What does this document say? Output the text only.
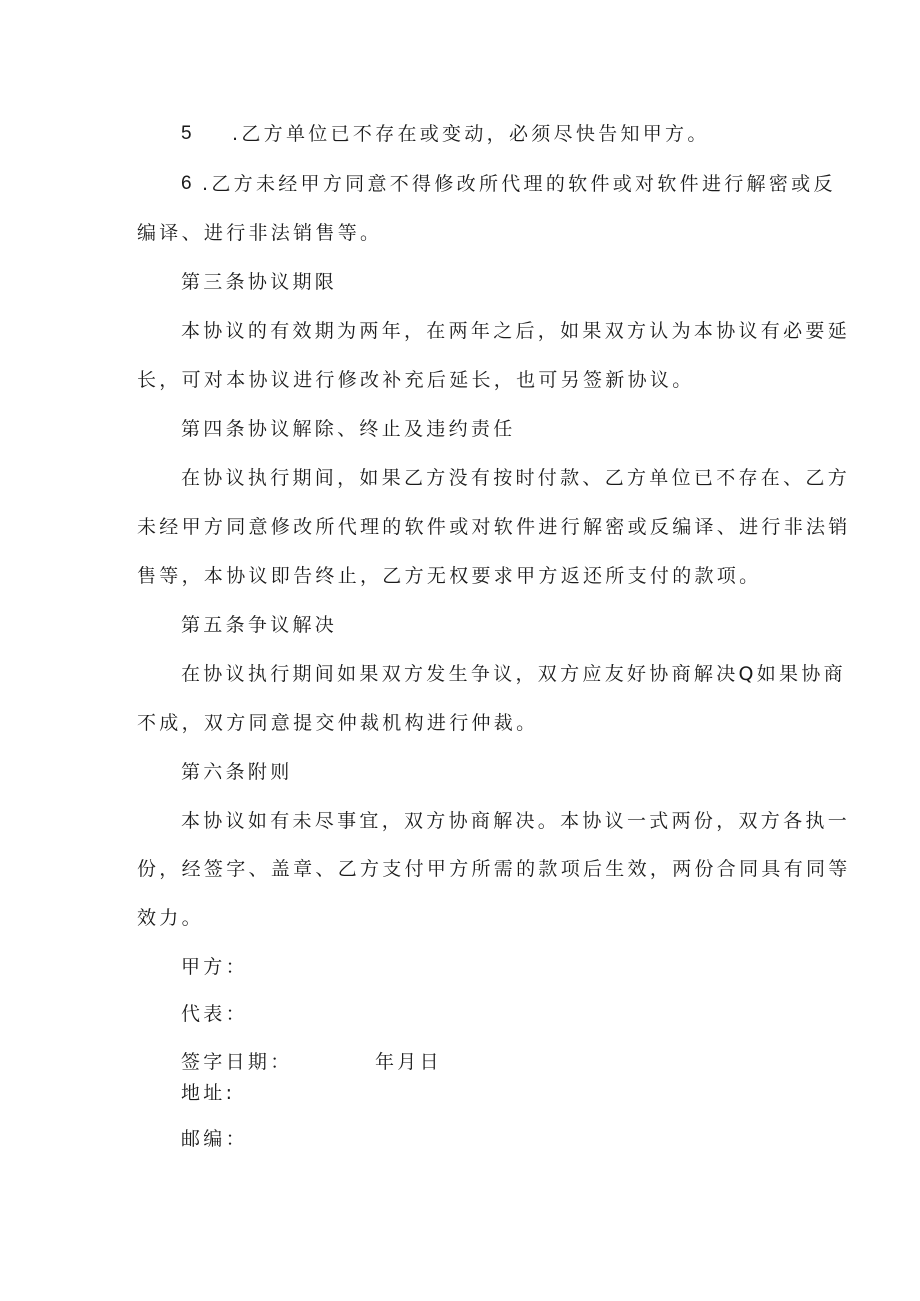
5 .乙方单位已不存在或变动，必须尽快告知甲方。
6 .乙方未经甲方同意不得修改所代理的软件或对软件进行解密或反
编译、进行非法销售等。
第三条协议期限
本协议的有效期为两年，在两年之后，如果双方认为本协议有必要延
长，可对本协议进行修改补充后延长，也可另签新协议。
第四条协议解除、终止及违约责任
在协议执行期间，如果乙方没有按时付款、乙方单位已不存在、乙方
未经甲方同意修改所代理的软件或对软件进行解密或反编译、进行非法销
售等，本协议即告终止，乙方无权要求甲方返还所支付的款项。
第五条争议解决
在协议执行期间如果双方发生争议，双方应友好协商解决Q如果协商
不成，双方同意提交仲裁机构进行仲裁。
第六条附则
本协议如有未尽事宜，双方协商解决。本协议一式两份，双方各执一
份，经签字、盖章、乙方支付甲方所需的款项后生效，两份合同具有同等
效力。
甲方：
代表：
签字日期：	年月日
地址:
邮编：
